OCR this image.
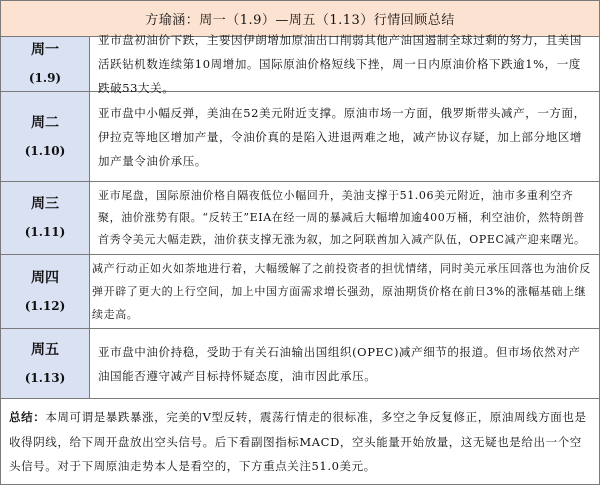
方瑜涵：周一（1.9）—周五（1.13）行情回顾总结
周一
(1.9)
亚市盘初油价下跌，主要因伊朗增加原油出口削弱其他产油国遏制全球过剩的努力，且美国活跃钻机数连续第10周增加。国际原油价格短线下挫，周一日内原油价格下跌逾1%，一度跌破53大关。
周二
(1.10)
亚市盘中小幅反弹，美油在52美元附近支撑。原油市场一方面，俄罗斯带头减产，一方面，伊拉克等地区增加产量，令油价真的是陷入进退两难之地，减产协议存疑，加上部分地区增加产量令油价承压。
周三
(1.11)
亚市尾盘，国际原油价格自隔夜低位小幅回升，美油支撑于51.06美元附近，油市多重利空齐聚，油价涨势有限。“反转王”EIA在经一周的暴减后大幅增加逾400万桶，利空油价，然特朗普首秀令美元大幅走跌，油价获支撑无涨为叙，加之阿联酋加入减产队伍，OPEC减产迎来曙光。
周四
(1.12)
减产行动正如火如荼地进行着，大幅缓解了之前投资者的担忧情绪，同时美元承压回落也为油价反弹开辟了更大的上行空间，加上中国方面需求增长强劲，原油期货价格在前日3%的涨幅基础上继续走高。
周五
(1.13)
亚市盘中油价持稳，受助于有关石油输出国组织(OPEC)减产细节的报道。但市场依然对产油国能否遵守减产目标持怀疑态度，油市因此承压。
总结：本周可谓是暴跌暴涨，完美的V型反转，震荡行情走的很标准，多空之争反复修正，原油周线方面也是收得阴线，给下周开盘放出空头信号。后下看副图指标MACD，空头能量开始放量，这无疑也是给出一个空头信号。对于下周原油走势本人是看空的，下方重点关注51.0美元。
